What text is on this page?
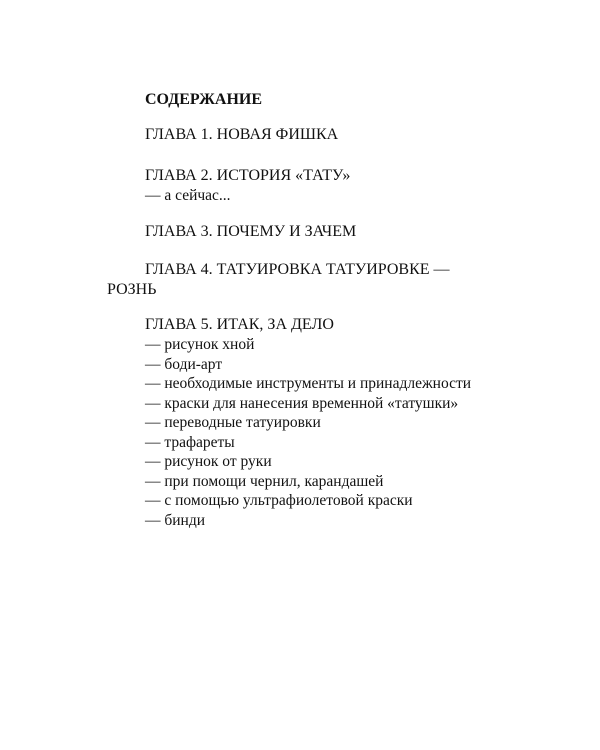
СОДЕРЖАНИЕ
ГЛАВА 1. НОВАЯ ФИШКА
ГЛАВА 2. ИСТОРИЯ «ТАТУ»
— а сейчас...
ГЛАВА 3. ПОЧЕМУ И ЗАЧЕМ
ГЛАВА 4. ТАТУИРОВКА ТАТУИРОВКЕ —
РОЗНЬ
ГЛАВА 5. ИТАК, ЗА ДЕЛО
— рисунок хной
— боди-арт
— необходимые инструменты и принадлежности
— краски для нанесения временной «татушки»
— переводные татуировки
— трафареты
— рисунок от руки
— при помощи чернил, карандашей
— с помощью ультрафиолетовой краски
— бинди
